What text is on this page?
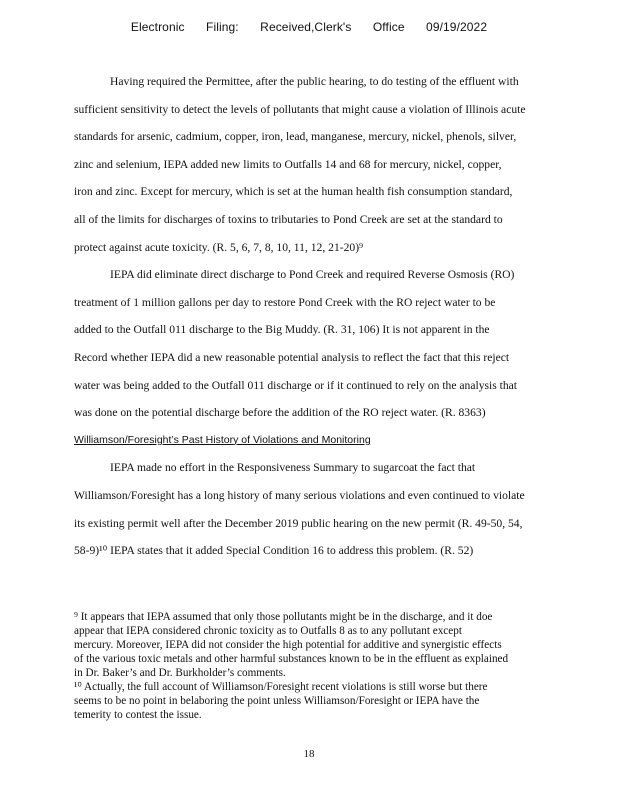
Electronic Filing: Received,Clerk's Office 09/19/2022
Having required the Permittee, after the public hearing, to do testing of the effluent with
sufficient sensitivity to detect the levels of pollutants that might cause a violation of Illinois acute
standards for arsenic, cadmium, copper, iron, lead, manganese, mercury, nickel, phenols, silver,
zinc and selenium, IEPA added new limits to Outfalls 14 and 68 for mercury, nickel, copper,
iron and zinc. Except for mercury, which is set at the human health fish consumption standard,
all of the limits for discharges of toxins to tributaries to Pond Creek are set at the standard to
protect against acute toxicity. (R. 5, 6, 7, 8, 10, 11, 12, 21-20)⁹
IEPA did eliminate direct discharge to Pond Creek and required Reverse Osmosis (RO)
treatment of 1 million gallons per day to restore Pond Creek with the RO reject water to be
added to the Outfall 011 discharge to the Big Muddy. (R. 31, 106) It is not apparent in the
Record whether IEPA did a new reasonable potential analysis to reflect the fact that this reject
water was being added to the Outfall 011 discharge or if it continued to rely on the analysis that
was done on the potential discharge before the addition of the RO reject water. (R. 8363)
Williamson/Foresight’s Past History of Violations and Monitoring
IEPA made no effort in the Responsiveness Summary to sugarcoat the fact that
Williamson/Foresight has a long history of many serious violations and even continued to violate
its existing permit well after the December 2019 public hearing on the new permit (R. 49-50, 54,
58-9)¹⁰ IEPA states that it added Special Condition 16 to address this problem. (R. 52)
⁹ It appears that IEPA assumed that only those pollutants might be in the discharge, and it doe
appear that IEPA considered chronic toxicity as to Outfalls 8 as to any pollutant except
mercury. Moreover, IEPA did not consider the high potential for additive and synergistic effects
of the various toxic metals and other harmful substances known to be in the effluent as explained
in Dr. Baker’s and Dr. Burkholder’s comments.
¹⁰ Actually, the full account of Williamson/Foresight recent violations is still worse but there
seems to be no point in belaboring the point unless Williamson/Foresight or IEPA have the
temerity to contest the issue.
18
